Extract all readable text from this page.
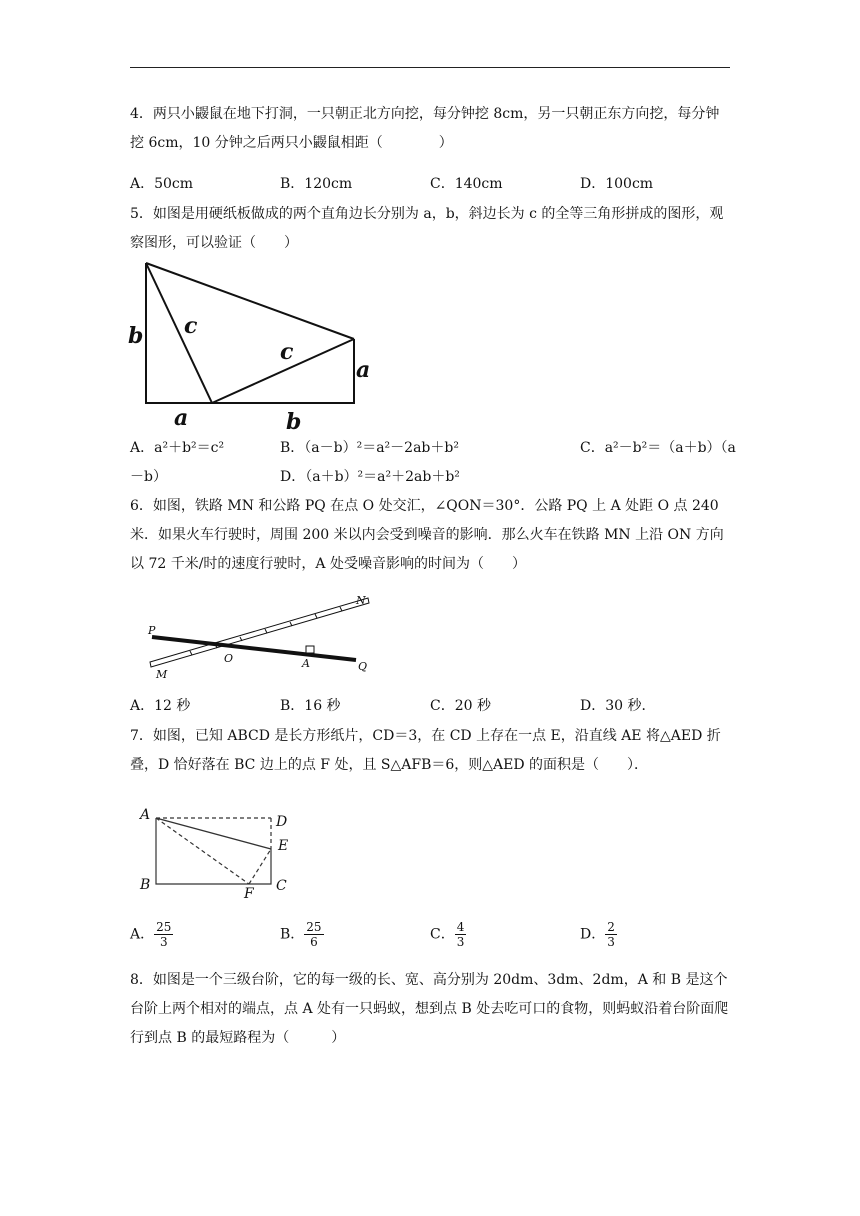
4．两只小鼹鼠在地下打洞，一只朝正北方向挖，每分钟挖 8cm，另一只朝正东方向挖，每分钟挖 6cm，10 分钟之后两只小鼹鼠相距（　　　　）
A．50cm	B．120cm	C．140cm	D．100cm
5．如图是用硬纸板做成的两个直角边长分别为 a，b，斜边长为 c 的全等三角形拼成的图形，观察图形，可以验证（　　）
b c
c
a
a	b
A．a²＋b²＝c²	B．（a－b）²＝a²－2ab＋b²	C．a²－b²＝（a＋b）（a
－b）	D．（a＋b）²＝a²＋2ab＋b²
6．如图，铁路 MN 和公路 PQ 在点 O 处交汇，∠QON＝30°．公路 PQ 上 A 处距 O 点 240 米．如果火车行驶时，周围 200 米以内会受到噪音的影响．那么火车在铁路 MN 上沿 ON 方向以 72 千米/时的速度行驶时，A 处受噪音影响的时间为（　　）
P
Q
M
N
O	A
A．12 秒	B．16 秒	C．20 秒	D．30 秒．
7．如图，已知 ABCD 是长方形纸片，CD＝3，在 CD 上存在一点 E，沿直线 AE 将△AED 折叠，D 恰好落在 BC 边上的点 F 处，且 S△AFB＝6，则△AED 的面积是（　　）．
A	D
E
B
F C
A． $\frac{25}{3}$	B． $\frac{25}{6}$	C． $\frac{4}{3}$	D． $\frac{2}{3}$
8．如图是一个三级台阶，它的每一级的长、宽、高分别为 20dm、3dm、2dm，A 和 B 是这个台阶上两个相对的端点，点 A 处有一只蚂蚁，想到点 B 处去吃可口的食物，则蚂蚁沿着台阶面爬行到点 B 的最短路程为（　　　）
